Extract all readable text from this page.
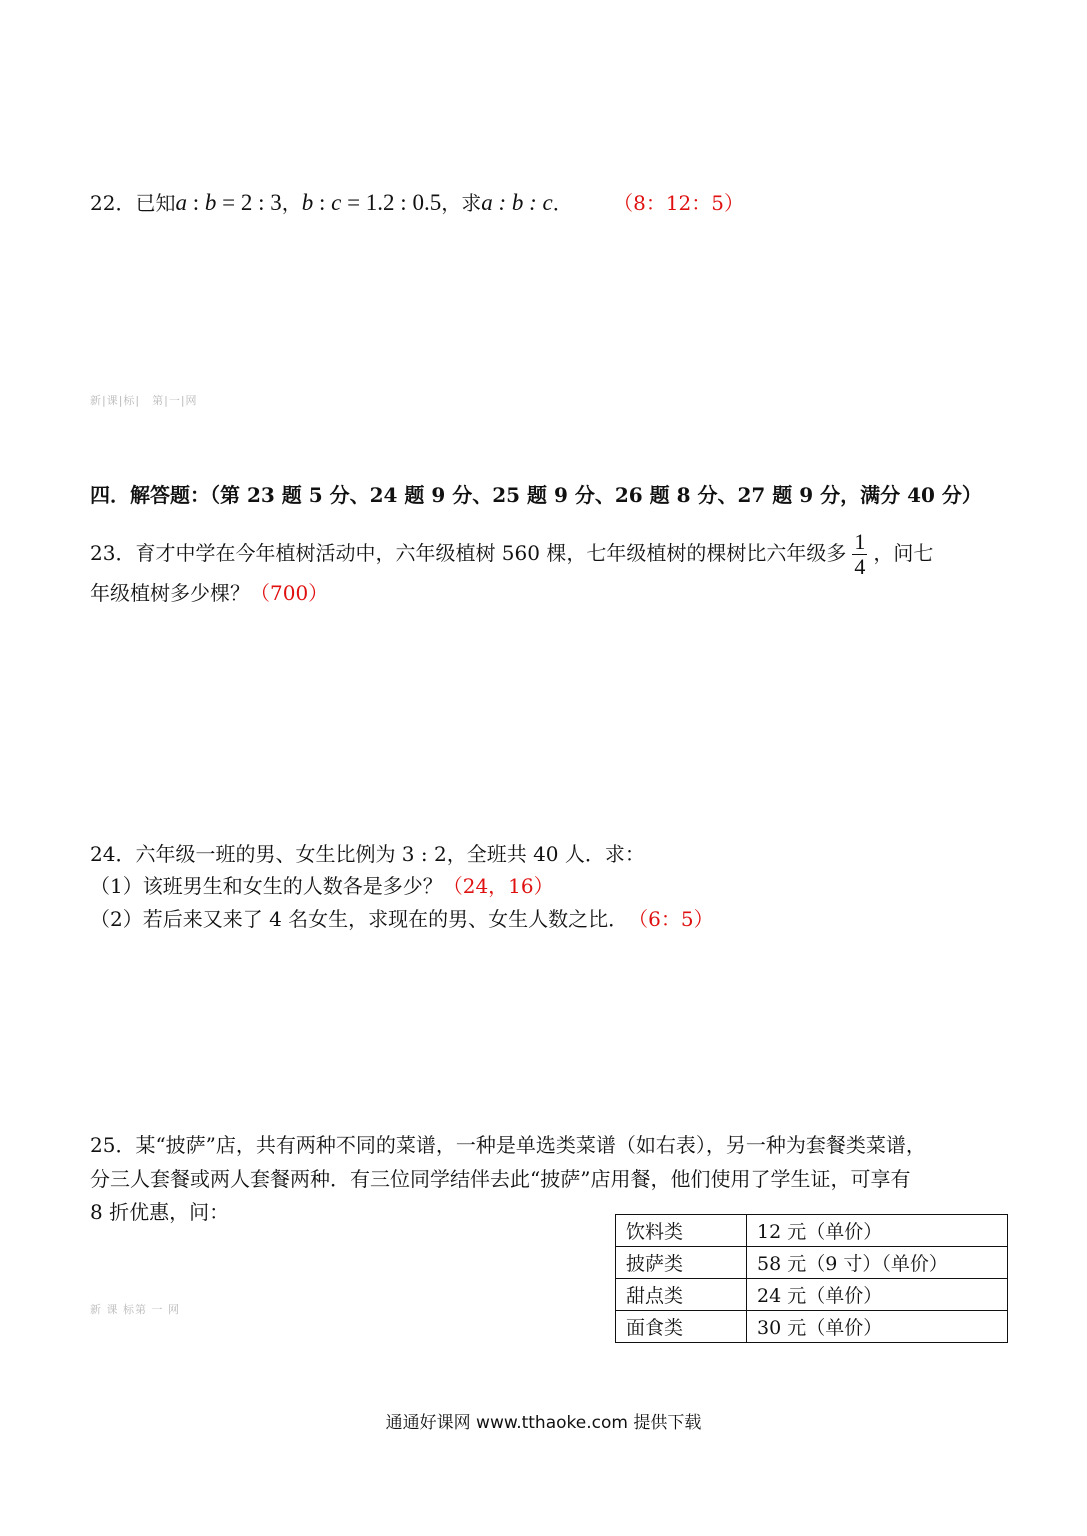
22．已知a : b = 2 : 3，b : c = 1.2 : 0.5，求a : b : c． （8：12：5）
新|课|标|　第|一|网
四．解答题：（第 23 题 5 分、24 题 9 分、25 题 9 分、26 题 8 分、27 题 9 分，满分 40 分）
23．育才中学在今年植树活动中，六年级植树 560 棵，七年级植树的棵树比六年级多 $\frac{1}{4}$ ，问七
年级植树多少棵？（700）
24．六年级一班的男、女生比例为 3 : 2，全班共 40 人．求：
（1）该班男生和女生的人数各是多少？（24，16）
（2）若后来又来了 4 名女生，求现在的男、女生人数之比． （6：5）
25．某“披萨”店，共有两种不同的菜谱，一种是单选类菜谱（如右表），另一种为套餐类菜谱，
分三人套餐或两人套餐两种．有三位同学结伴去此“披萨”店用餐，他们使用了学生证，可享有
8 折优惠，问：
饮料类	12 元（单价）
披萨类	58 元（9 寸）（单价）
甜点类	24 元（单价）
面食类	30 元（单价）
新 课 标第 一 网
通通好课网 www.tthaoke.com 提供下载
